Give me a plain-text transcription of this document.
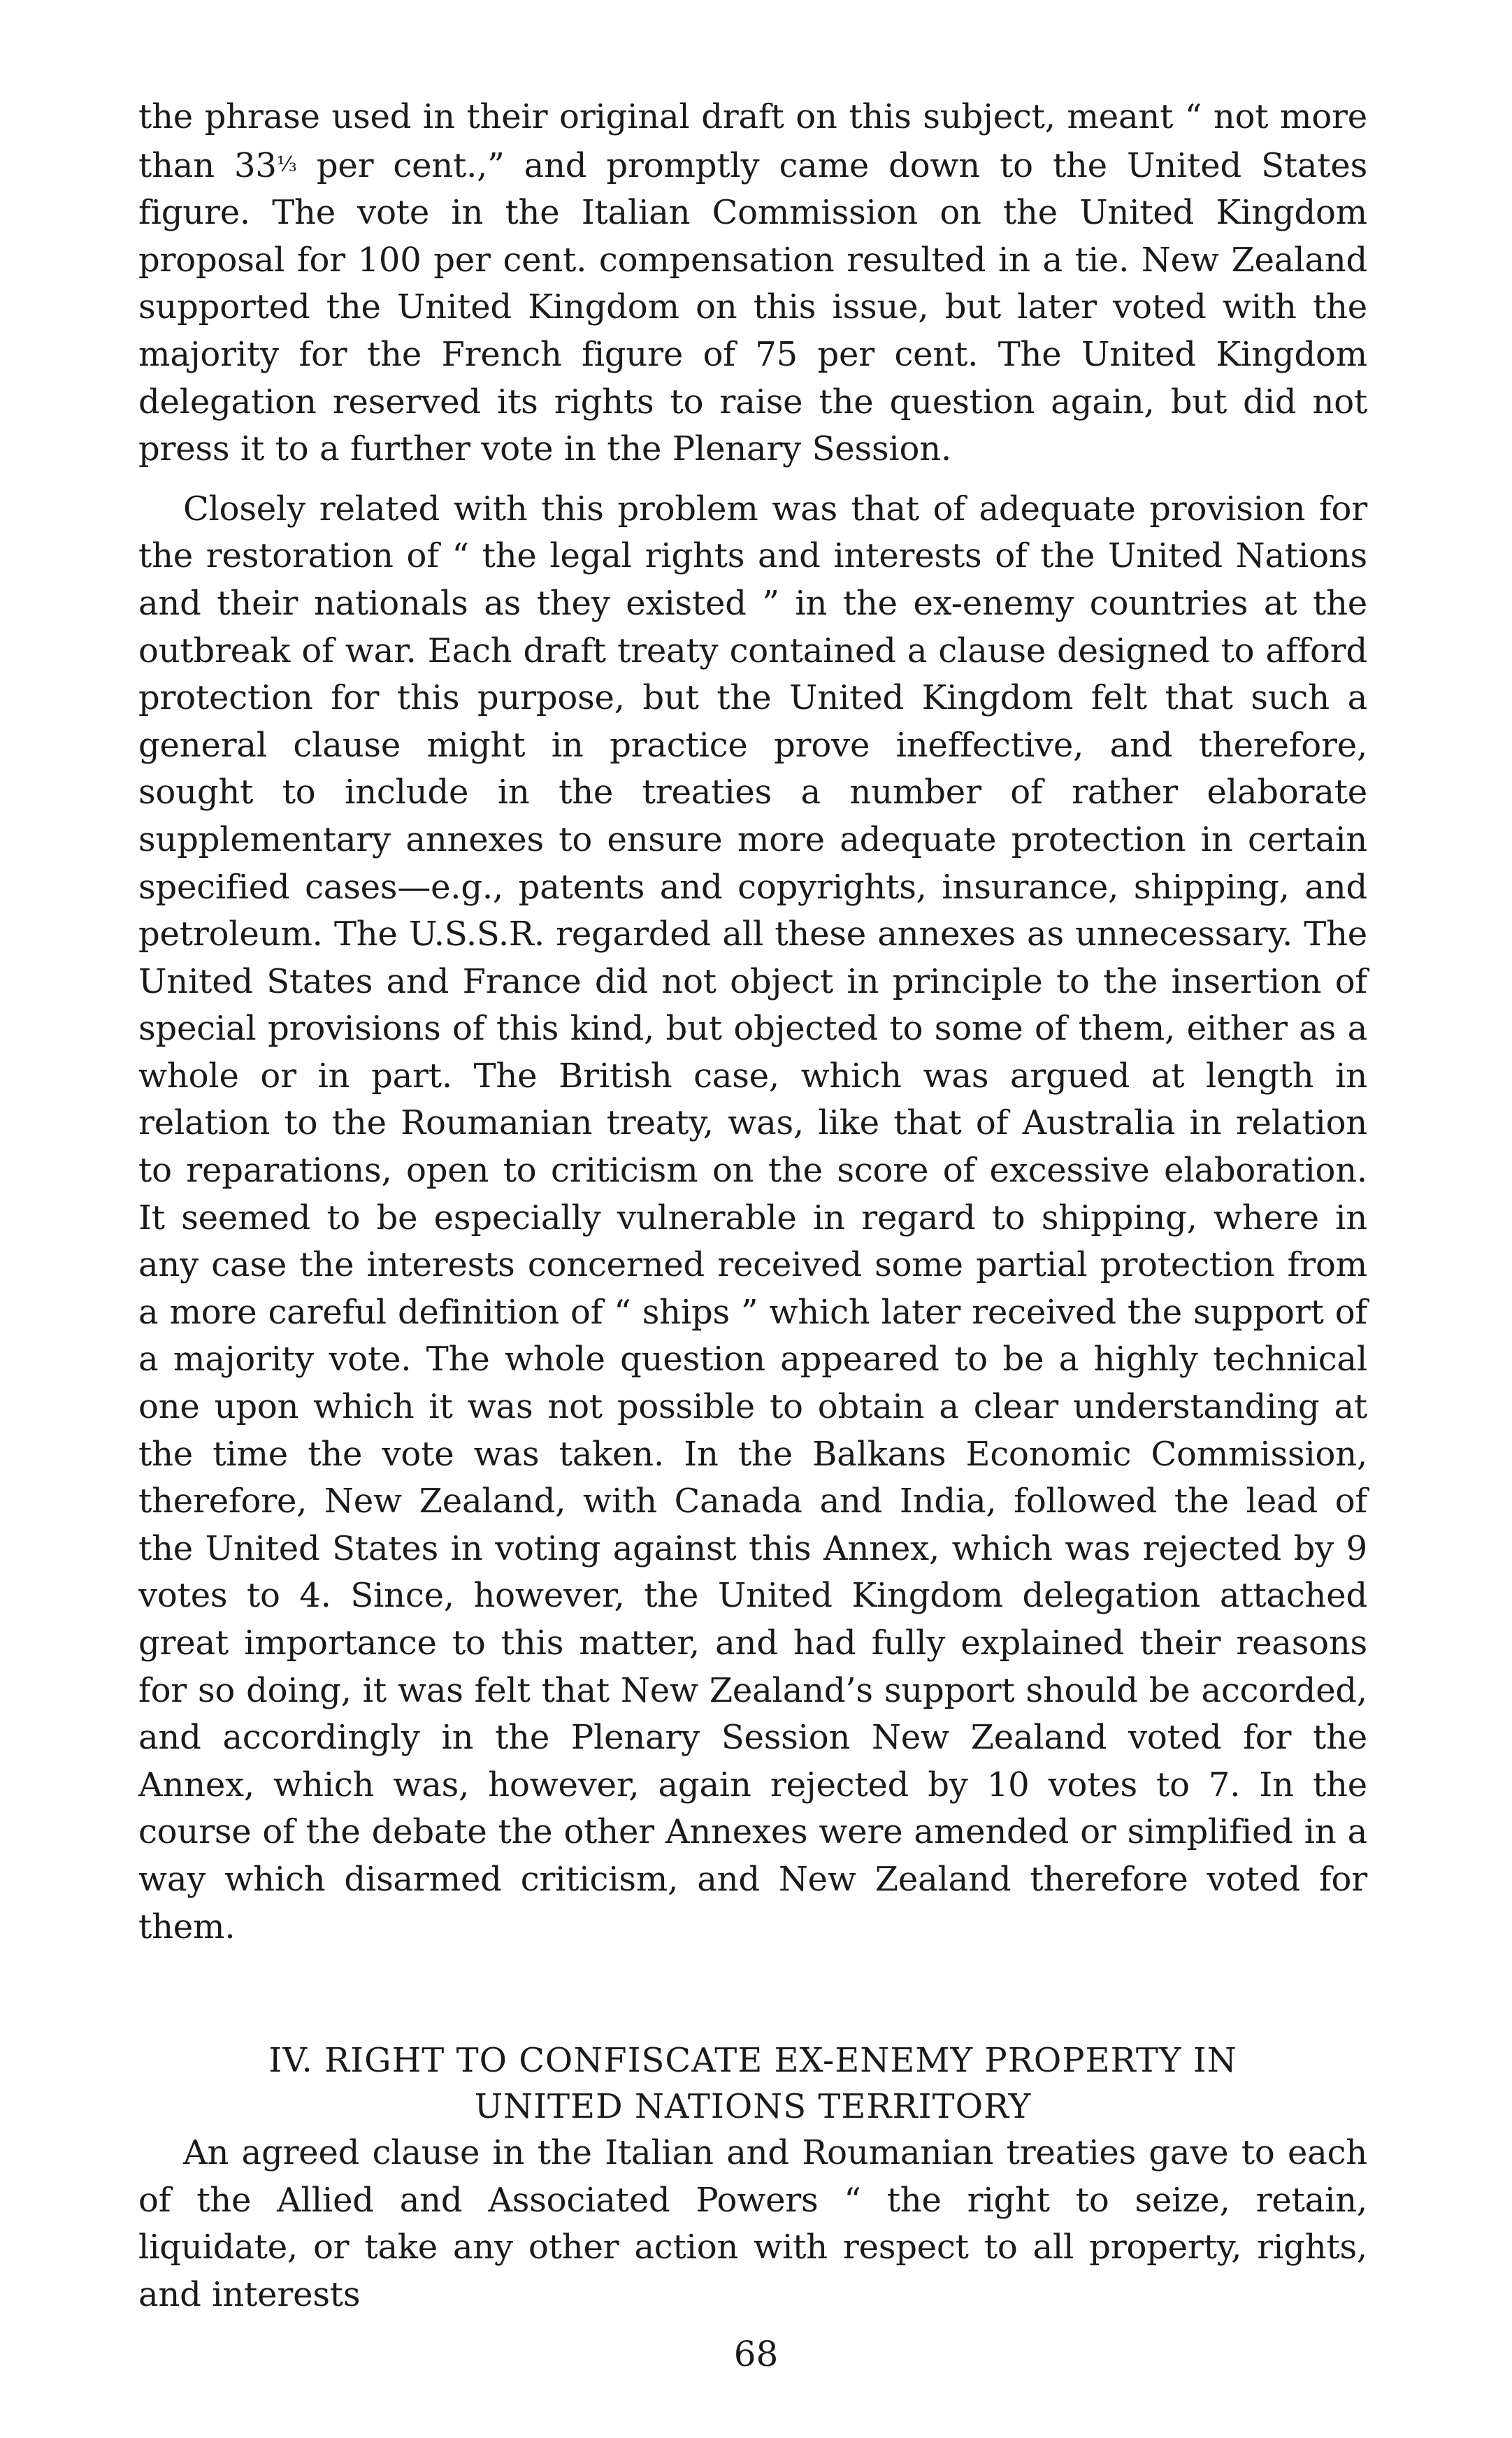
the phrase used in their original draft on this subject, meant “ not more than 33⅓ per cent.,” and promptly came down to the United States figure. The vote in the Italian Commission on the United Kingdom proposal for 100 per cent. compensation resulted in a tie. New Zealand supported the United Kingdom on this issue, but later voted with the majority for the French figure of 75 per cent. The United Kingdom delegation reserved its rights to raise the question again, but did not press it to a further vote in the Plenary Session.

Closely related with this problem was that of adequate provision for the restoration of “ the legal rights and interests of the United Nations and their nationals as they existed ” in the ex-enemy countries at the outbreak of war. Each draft treaty contained a clause designed to afford protection for this purpose, but the United Kingdom felt that such a general clause might in practice prove ineffective, and therefore, sought to include in the treaties a number of rather elaborate supplementary annexes to ensure more adequate protection in certain specified cases—e.g., patents and copyrights, insurance, shipping, and petroleum. The U.S.S.R. regarded all these annexes as unnecessary. The United States and France did not object in principle to the insertion of special provisions of this kind, but objected to some of them, either as a whole or in part. The British case, which was argued at length in relation to the Roumanian treaty, was, like that of Australia in relation to reparations, open to criticism on the score of excessive elaboration. It seemed to be especially vulnerable in regard to shipping, where in any case the interests concerned received some partial protection from a more careful definition of “ ships ” which later received the support of a majority vote. The whole question appeared to be a highly technical one upon which it was not possible to obtain a clear understanding at the time the vote was taken. In the Balkans Economic Commission, therefore, New Zealand, with Canada and India, followed the lead of the United States in voting against this Annex, which was rejected by 9 votes to 4. Since, however, the United Kingdom delegation attached great importance to this matter, and had fully explained their reasons for so doing, it was felt that New Zealand’s support should be accorded, and accordingly in the Plenary Session New Zealand voted for the Annex, which was, however, again rejected by 10 votes to 7. In the course of the debate the other Annexes were amended or simplified in a way which disarmed criticism, and New Zealand therefore voted for them.

IV. RIGHT TO CONFISCATE EX-ENEMY PROPERTY IN
UNITED NATIONS TERRITORY

An agreed clause in the Italian and Roumanian treaties gave to each of the Allied and Associated Powers “ the right to seize, retain, liquidate, or take any other action with respect to all property, rights, and interests

68
